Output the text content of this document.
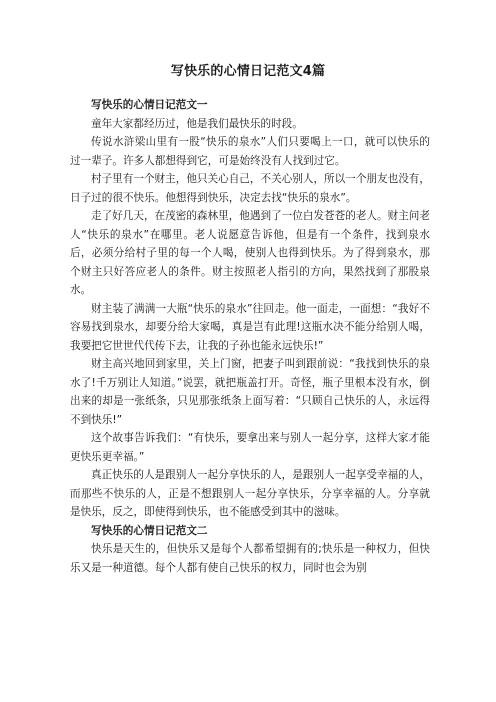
写快乐的心情日记范文4篇

写快乐的心情日记范文一

童年大家都经历过，他是我们最快乐的时段。

传说水浒梁山里有一股“快乐的泉水”人们只要喝上一口，就可以快乐的过一辈子。许多人都想得到它，可是始终没有人找到过它。

村子里有一个财主，他只关心自己，不关心别人，所以一个朋友也没有，日子过的很不快乐。他想得到快乐，决定去找“快乐的泉水”。

走了好几天，在茂密的森林里，他遇到了一位白发苍苍的老人。财主问老人“快乐的泉水”在哪里。老人说愿意告诉他，但是有一个条件，找到泉水后，必须分给村子里的每一个人喝，使别人也得到快乐。为了得到泉水，那个财主只好答应老人的条件。财主按照老人指引的方向，果然找到了那股泉水。

财主装了满满一大瓶“快乐的泉水”往回走。他一面走，一面想：“我好不容易找到泉水，却要分给大家喝，真是岂有此理!这瓶水决不能分给别人喝，我要把它世世代代传下去，让我的子孙也能永远快乐!”

财主高兴地回到家里，关上门窗，把妻子叫到跟前说：“我找到快乐的泉水了!千万别让人知道。”说罢，就把瓶盖打开。奇怪，瓶子里根本没有水，倒出来的却是一张纸条，只见那张纸条上面写着：“只顾自己快乐的人，永远得不到快乐!”

这个故事告诉我们：“有快乐，要拿出来与别人一起分享，这样大家才能更快乐更幸福。”

真正快乐的人是跟别人一起分享快乐的人，是跟别人一起享受幸福的人，而那些不快乐的人，正是不想跟别人一起分享快乐，分享幸福的人。分享就是快乐，反之，即使得到快乐，也不能感受到其中的滋味。

写快乐的心情日记范文二

快乐是天生的，但快乐又是每个人都希望拥有的;快乐是一种权力，但快乐又是一种道德。每个人都有使自己快乐的权力，同时也会为别
